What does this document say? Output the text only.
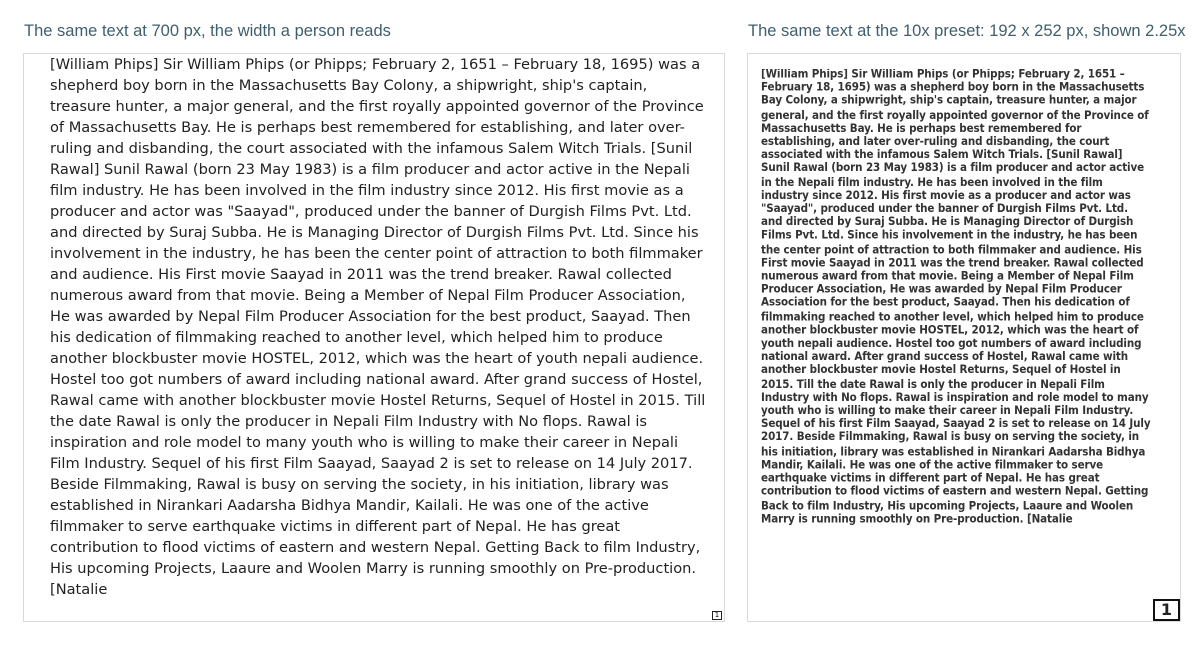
The same text at 700 px, the width a person reads	The same text at the 10x preset: 192 x 252 px, shown 2.25x
[William Phips] Sir William Phips (or Phipps; February 2, 1651 – February 18, 1695) was a shepherd boy born in the Massachusetts Bay Colony, a shipwright, ship's captain, treasure hunter, a major general, and the first royally appointed governor of the Province of Massachusetts Bay. He is perhaps best remembered for establishing, and later over-ruling and disbanding, the court associated with the infamous Salem Witch Trials. [Sunil Rawal] Sunil Rawal (born 23 May 1983) is a film producer and actor active in the Nepali film industry. He has been involved in the film industry since 2012. His first movie as a producer and actor was "Saayad", produced under the banner of Durgish Films Pvt. Ltd. and directed by Suraj Subba. He is Managing Director of Durgish Films Pvt. Ltd. Since his involvement in the industry, he has been the center point of attraction to both filmmaker and audience. His First movie Saayad in 2011 was the trend breaker. Rawal collected numerous award from that movie. Being a Member of Nepal Film Producer Association, He was awarded by Nepal Film Producer Association for the best product, Saayad. Then his dedication of filmmaking reached to another level, which helped him to produce another blockbuster movie HOSTEL, 2012, which was the heart of youth nepali audience. Hostel too got numbers of award including national award. After grand success of Hostel, Rawal came with another blockbuster movie Hostel Returns, Sequel of Hostel in 2015. Till the date Rawal is only the producer in Nepali Film Industry with No flops. Rawal is inspiration and role model to many youth who is willing to make their career in Nepali Film Industry. Sequel of his first Film Saayad, Saayad 2 is set to release on 14 July 2017. Beside Filmmaking, Rawal is busy on serving the society, in his initiation, library was established in Nirankari Aadarsha Bidhya Mandir, Kailali. He was one of the active filmmaker to serve earthquake victims in different part of Nepal. He has great contribution to flood victims of eastern and western Nepal. Getting Back to film Industry, His upcoming Projects, Laaure and Woolen Marry is running smoothly on Pre-production. [Natalie
[William Phips] Sir William Phips (or Phipps; February 2, 1651 – February 18, 1695) was a shepherd boy born in the Massachusetts Bay Colony, a shipwright, ship's captain, treasure hunter, a major general, and the first royally appointed governor of the Province of Massachusetts Bay. He is perhaps best remembered for establishing, and later over-ruling and disbanding, the court associated with the infamous Salem Witch Trials. [Sunil Rawal] Sunil Rawal (born 23 May 1983) is a film producer and actor active in the Nepali film industry. He has been involved in the film industry since 2012. His first movie as a producer and actor was "Saayad", produced under the banner of Durgish Films Pvt. Ltd. and directed by Suraj Subba. He is Managing Director of Durgish Films Pvt. Ltd. Since his involvement in the industry, he has been the center point of attraction to both filmmaker and audience. His First movie Saayad in 2011 was the trend breaker. Rawal collected numerous award from that movie. Being a Member of Nepal Film Producer Association, He was awarded by Nepal Film Producer Association for the best product, Saayad. Then his dedication of filmmaking reached to another level, which helped him to produce another blockbuster movie HOSTEL, 2012, which was the heart of youth nepali audience. Hostel too got numbers of award including national award. After grand success of Hostel, Rawal came with another blockbuster movie Hostel Returns, Sequel of Hostel in 2015. Till the date Rawal is only the producer in Nepali Film Industry with No flops. Rawal is inspiration and role model to many youth who is willing to make their career in Nepali Film Industry. Sequel of his first Film Saayad, Saayad 2 is set to release on 14 July 2017. Beside Filmmaking, Rawal is busy on serving the society, in his initiation, library was established in Nirankari Aadarsha Bidhya Mandir, Kailali. He was one of the active filmmaker to serve earthquake victims in different part of Nepal. He has great contribution to flood victims of eastern and western Nepal. Getting Back to film Industry, His upcoming Projects, Laaure and Woolen Marry is running smoothly on Pre-production. [Natalie
1	1
